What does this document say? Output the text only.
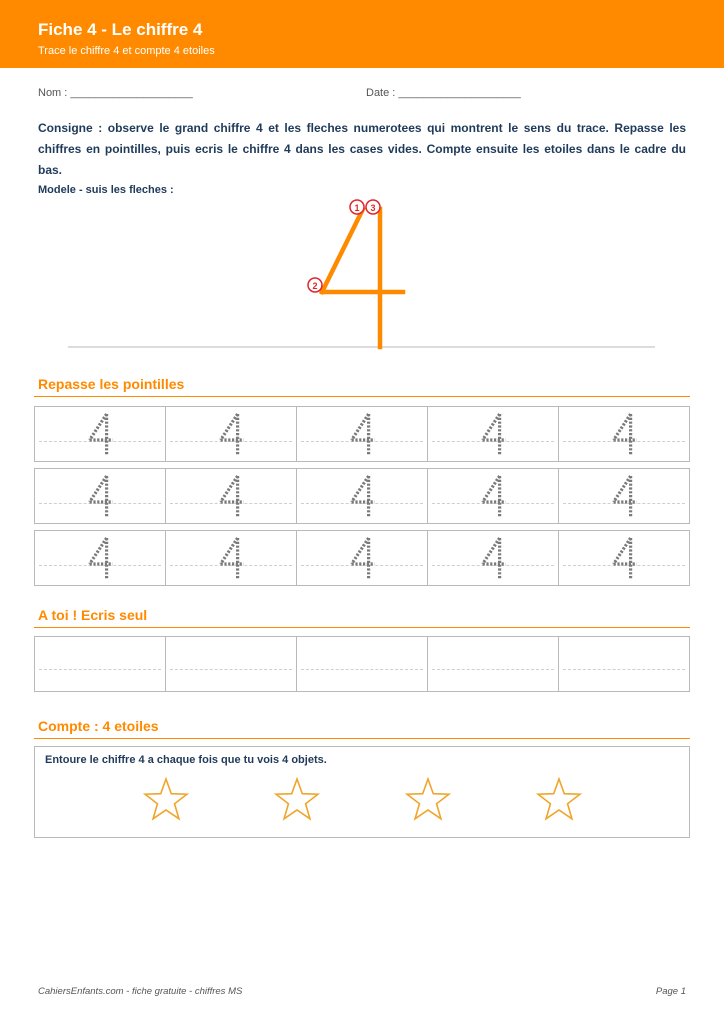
Fiche 4 - Le chiffre 4
Trace le chiffre 4 et compte 4 etoiles
Nom : ____________________	Date : ____________________
Consigne : observe le grand chiffre 4 et les fleches numerotees qui montrent le sens du trace. Repasse les chiffres en pointilles, puis ecris le chiffre 4 dans les cases vides. Compte ensuite les etoiles dans le cadre du bas.
Modele - suis les fleches :
1 3
2
Repasse les pointilles
A toi ! Ecris seul
Compte : 4 etoiles
Entoure le chiffre 4 a chaque fois que tu vois 4 objets.
CahiersEnfants.com - fiche gratuite - chiffres MS	Page 1
